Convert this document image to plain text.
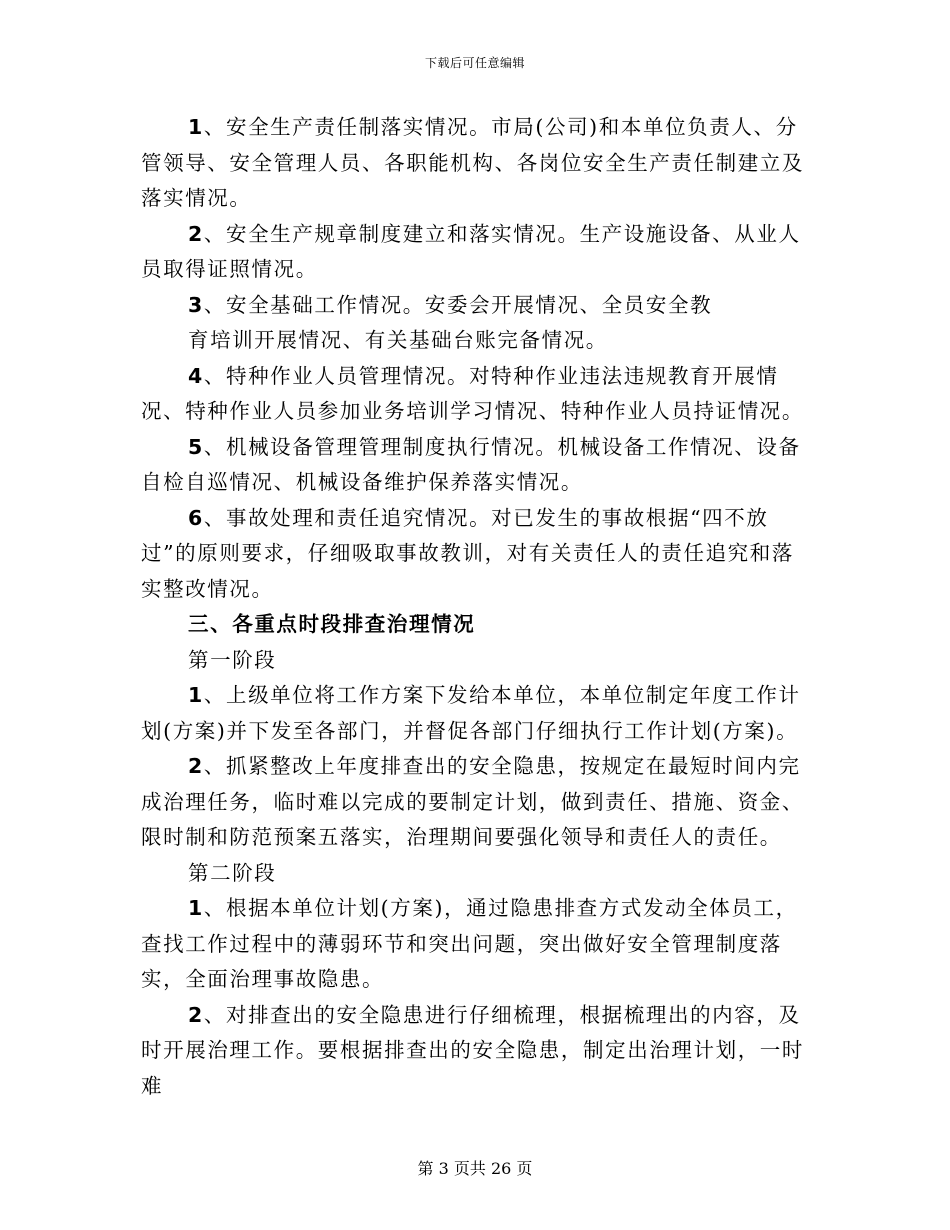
下载后可任意编辑

1、安全生产责任制落实情况。市局(公司)和本单位负责人、分管领导、安全管理人员、各职能机构、各岗位安全生产责任制建立及落实情况。

2、安全生产规章制度建立和落实情况。生产设施设备、从业人员取得证照情况。

3、安全基础工作情况。安委会开展情况、全员安全教

育培训开展情况、有关基础台账完备情况。

4、特种作业人员管理情况。对特种作业违法违规教育开展情况、特种作业人员参加业务培训学习情况、特种作业人员持证情况。

5、机械设备管理管理制度执行情况。机械设备工作情况、设备自检自巡情况、机械设备维护保养落实情况。

6、事故处理和责任追究情况。对已发生的事故根据“四不放过”的原则要求，仔细吸取事故教训，对有关责任人的责任追究和落实整改情况。

三、各重点时段排查治理情况

第一阶段

1、上级单位将工作方案下发给本单位，本单位制定年度工作计划(方案)并下发至各部门，并督促各部门仔细执行工作计划(方案)。

2、抓紧整改上年度排查出的安全隐患，按规定在最短时间内完成治理任务，临时难以完成的要制定计划，做到责任、措施、资金、限时制和防范预案五落实，治理期间要强化领导和责任人的责任。

第二阶段

1、根据本单位计划(方案)，通过隐患排查方式发动全体员工，查找工作过程中的薄弱环节和突出问题，突出做好安全管理制度落实，全面治理事故隐患。

2、对排查出的安全隐患进行仔细梳理，根据梳理出的内容，及时开展治理工作。要根据排查出的安全隐患，制定出治理计划，一时难

第 3 页共 26 页
